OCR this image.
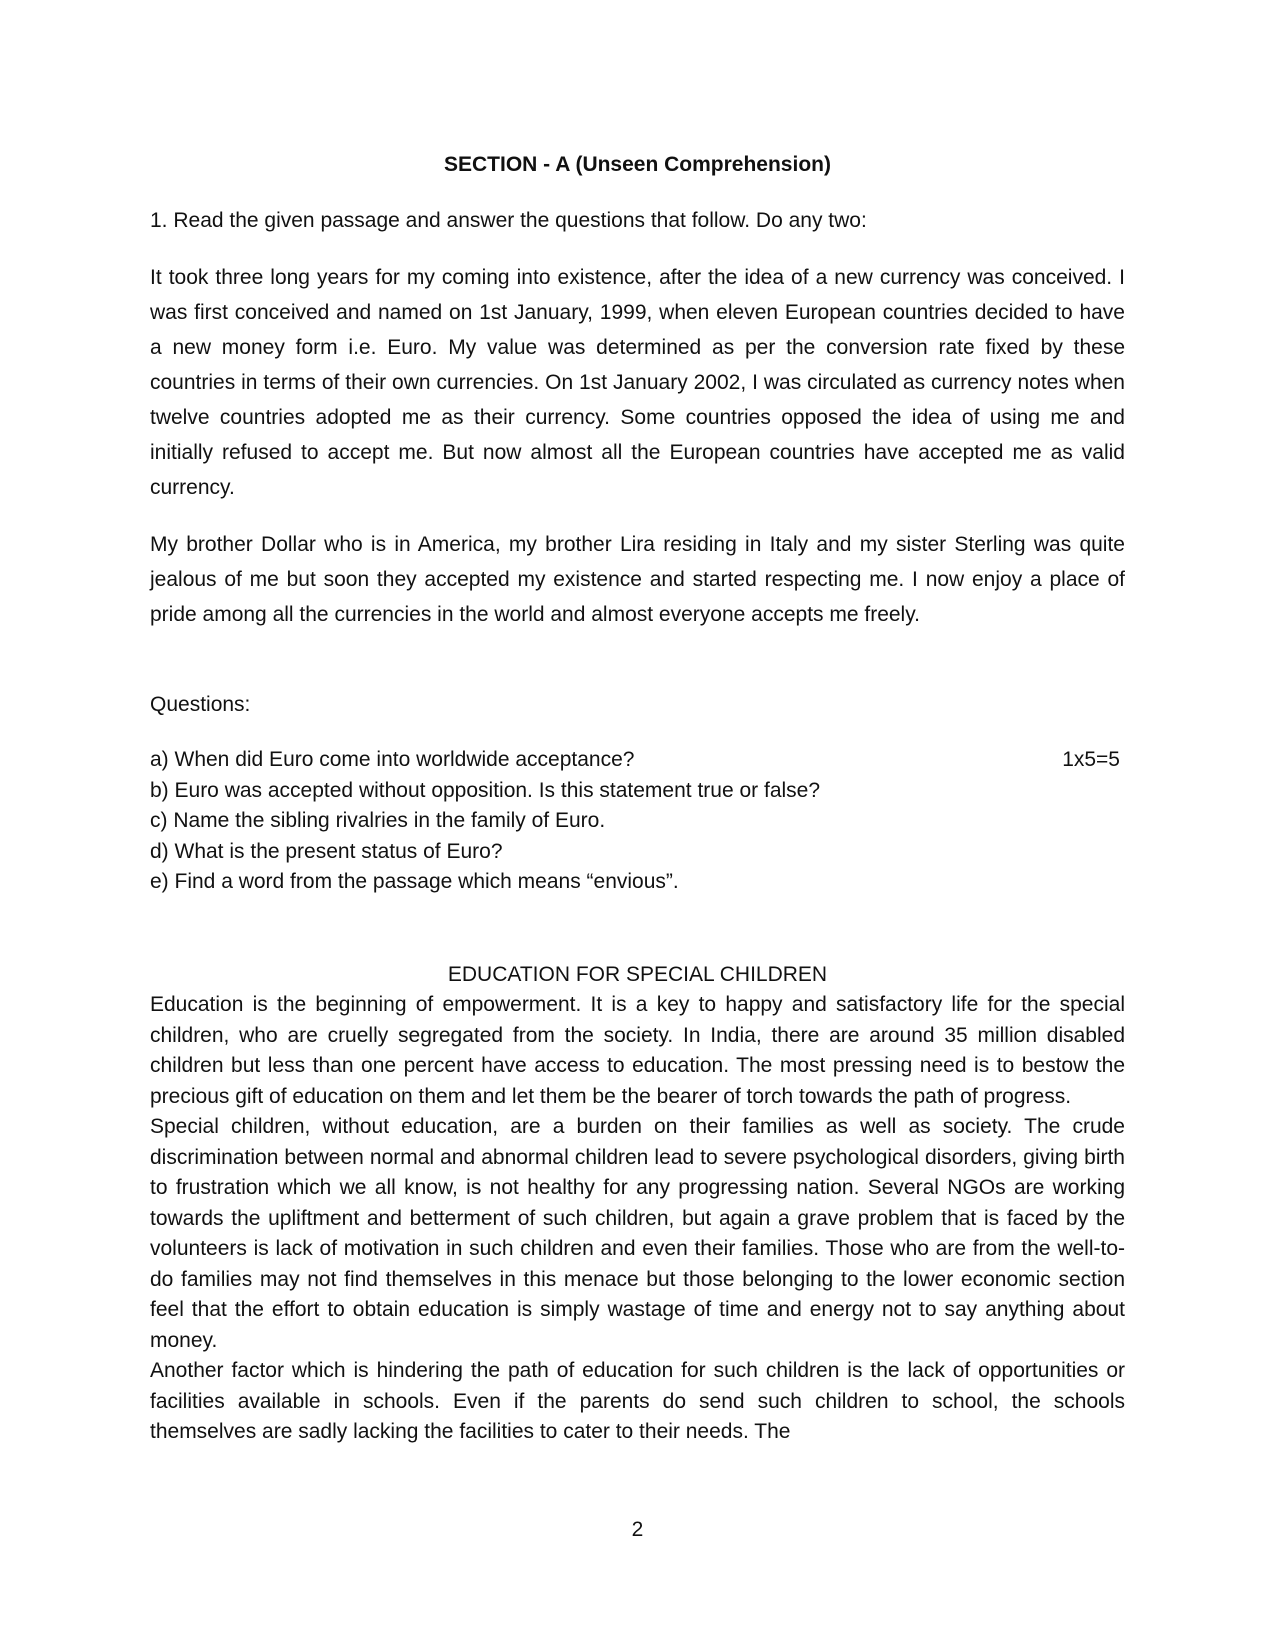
SECTION - A (Unseen Comprehension)
1. Read the given passage and answer the questions that follow. Do any two:

It took three long years for my coming into existence, after the idea of a new currency was conceived. I was first conceived and named on 1st January, 1999, when eleven European countries decided to have a new money form i.e. Euro. My value was determined as per the conversion rate fixed by these countries in terms of their own currencies. On 1st January 2002, I was circulated as currency notes when twelve countries adopted me as their currency. Some countries opposed the idea of using me and initially refused to accept me. But now almost all the European countries have accepted me as valid currency.

My brother Dollar who is in America, my brother Lira residing in Italy and my sister Sterling was quite jealous of me but soon they accepted my existence and started respecting me. I now enjoy a place of pride among all the currencies in the world and almost everyone accepts me freely.

Questions:
a) When did Euro come into worldwide acceptance?
b) Euro was accepted without opposition. Is this statement true or false?
c) Name the sibling rivalries in the family of Euro.
d) What is the present status of Euro?
e) Find a word from the passage which means “envious”.
1x5=5
EDUCATION FOR SPECIAL CHILDREN

Education is the beginning of empowerment. It is a key to happy and satisfactory life for the special children, who are cruelly segregated from the society. In India, there are around 35 million disabled children but less than one percent have access to education. The most pressing need is to bestow the precious gift of education on them and let them be the bearer of torch towards the path of progress.

Special children, without education, are a burden on their families as well as society. The crude discrimination between normal and abnormal children lead to severe psychological disorders, giving birth to frustration which we all know, is not healthy for any progressing nation. Several NGOs are working towards the upliftment and betterment of such children, but again a grave problem that is faced by the volunteers is lack of motivation in such children and even their families. Those who are from the well-to-do families may not find themselves in this menace but those belonging to the lower economic section feel that the effort to obtain education is simply wastage of time and energy not to say anything about money.

Another factor which is hindering the path of education for such children is the lack of opportunities or facilities available in schools. Even if the parents do send such children to school, the schools themselves are sadly lacking the facilities to cater to their needs. The

2
